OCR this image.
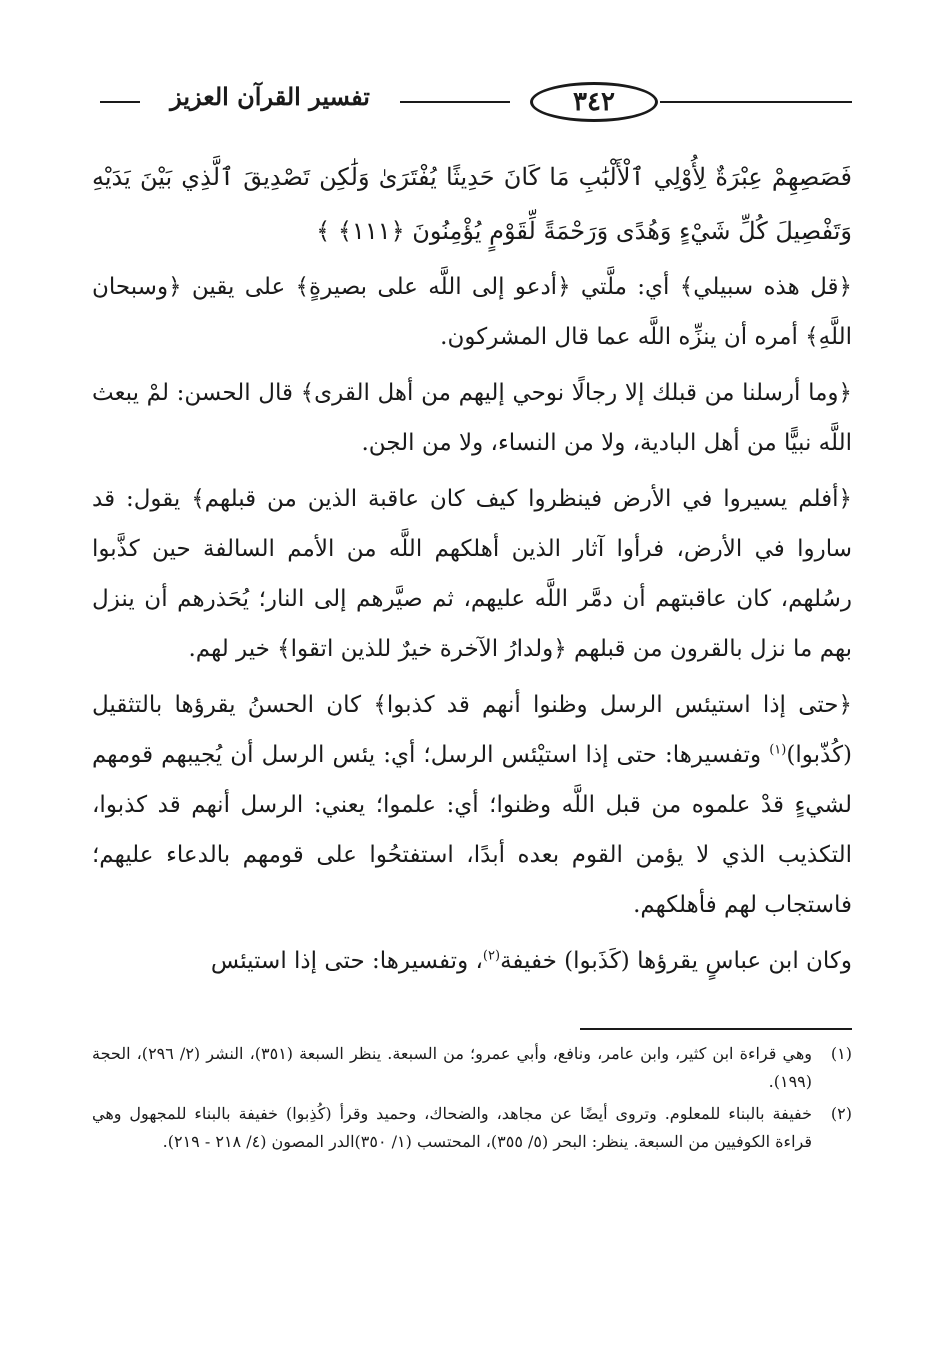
تفسير القرآن العزيز	٣٤٢

فَصَصِهِمْ عِبْرَةٌ لِأُوْلِي ٱلْأَلْبَٰبِ مَا كَانَ حَدِيثًا يُفْتَرَىٰ وَلَٰكِن تَصْدِيقَ ٱلَّذِي بَيْنَ يَدَيْهِ وَتَفْصِيلَ كُلِّ شَيْءٍ وَهُدًى وَرَحْمَةً لِّقَوْمٍ يُؤْمِنُونَ ﴿١١١﴾ ﴾

﴿قل هذه سبيلي﴾ أي: ملَّتي ﴿أدعو إلى اللَّه على بصيرةٍ﴾ على يقين ﴿وسبحان اللَّهِ﴾ أمره أن ينزِّه اللَّه عما قال المشركون.

﴿وما أرسلنا من قبلك إلا رجالًا نوحي إليهم من أهل القرى﴾ قال الحسن: لمْ يبعث اللَّه نبيًّا من أهل البادية، ولا من النساء، ولا من الجن.

﴿أفلم يسيروا في الأرض فينظروا كيف كان عاقبة الذين من قبلهم﴾ يقول: قد ساروا في الأرض، فرأوا آثار الذين أهلكهم اللَّه من الأمم السالفة حين كذَّبوا رسُلهم، كان عاقبتهم أن دمَّر اللَّه عليهم، ثم صيَّرهم إلى النار؛ يُحَذرهم أن ينزل بهم ما نزل بالقرون من قبلهم ﴿ولدارُ الآخرة خيرٌ للذين اتقوا﴾ خير لهم.

﴿حتى إذا استيئس الرسل وظنوا أنهم قد كذبوا﴾ كان الحسنُ يقرؤها بالتثقيل (كُذّبوا)$^{(١)}$ وتفسيرها: حتى إذا استيْئس الرسل؛ أي: يئس الرسل أن يُجيبهم قومهم لشيءٍ قدْ علموه من قبل اللَّه وظنوا؛ أي: علموا؛ يعني: الرسل أنهم قد كذبوا، التكذيب الذي لا يؤمن القوم بعده أبدًا، استفتحُوا على قومهم بالدعاء عليهم؛ فاستجاب لهم فأهلكهم.

وكان ابن عباسٍ يقرؤها (كَذَبوا) خفيفة$^{(٢)}$، وتفسيرها: حتى إذا استيئس

(١)
وهي قراءة ابن كثير، وابن عامر، ونافع، وأبي عمرو؛ من السبعة. ينظر السبعة (٣٥١)، النشر (٢/ ٢٩٦)، الحجة (١٩٩).
(٢)
خفيفة بالبناء للمعلوم. وتروى أيضًا عن مجاهد، والضحاك، وحميد وقرأ (كُذِبوا) خفيفة بالبناء للمجهول وهي قراءة الكوفيين من السبعة. ينظر: البحر (٥/ ٣٥٥)، المحتسب (١/ ٣٥٠)الدر المصون (٤/ ٢١٨ - ٢١٩).
